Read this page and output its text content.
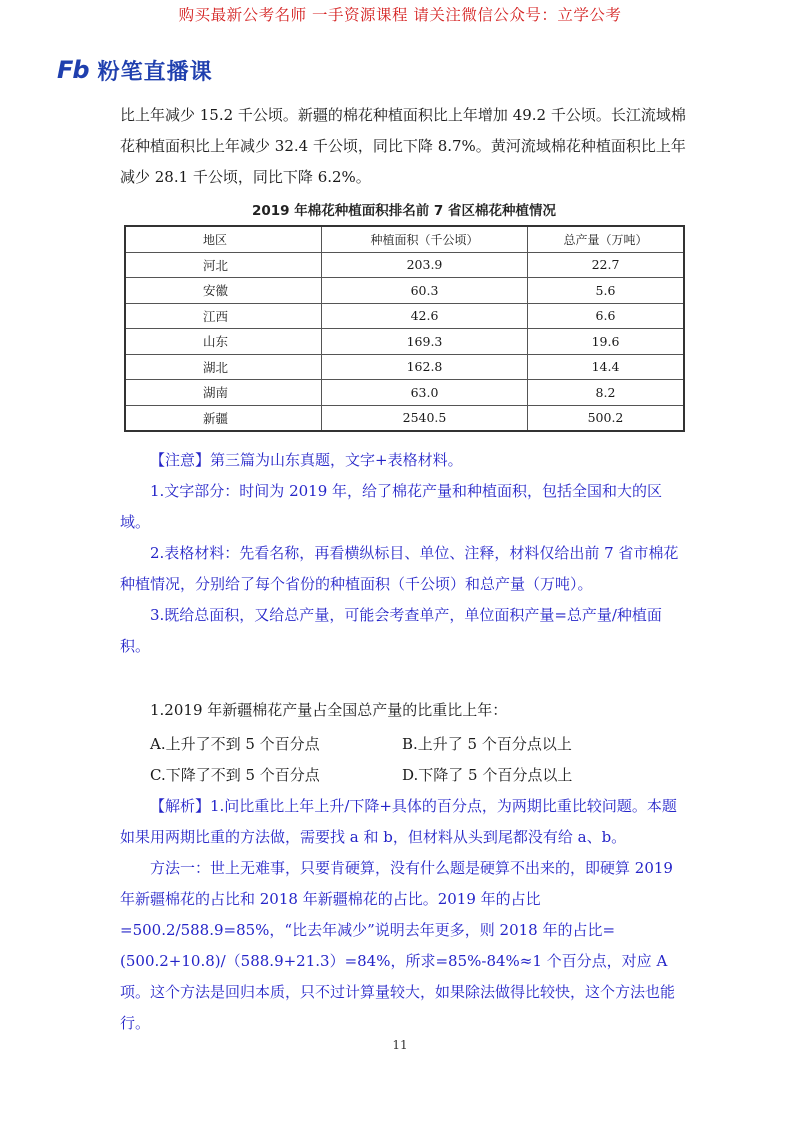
购买最新公考名师 一手资源课程 请关注微信公众号：立学公考
Fb 粉笔直播课

比上年减少 15.2 千公顷。新疆的棉花种植面积比上年增加 49.2 千公顷。长江流域棉花种植面积比上年减少 32.4 千公顷，同比下降 8.7%。黄河流域棉花种植面积比上年减少 28.1 千公顷，同比下降 6.2%。

2019 年棉花种植面积排名前 7 省区棉花种植情况
地区	种植面积（千公顷）	总产量（万吨）
河北	203.9	22.7
安徽	60.3	5.6
江西	42.6	6.6
山东	169.3	19.6
湖北	162.8	14.4
湖南	63.0	8.2
新疆	2540.5	500.2

【注意】第三篇为山东真题，文字+表格材料。

1.文字部分：时间为 2019 年，给了棉花产量和种植面积，包括全国和大的区域。

2.表格材料：先看名称，再看横纵标目、单位、注释，材料仅给出前 7 省市棉花种植情况，分别给了每个省份的种植面积（千公顷）和总产量（万吨）。

3.既给总面积，又给总产量，可能会考查单产，单位面积产量=总产量/种植面积。

1.2019 年新疆棉花产量占全国总产量的比重比上年：

A.上升了不到 5 个百分点	B.上升了 5 个百分点以上
C.下降了不到 5 个百分点	D.下降了 5 个百分点以上

【解析】1.问比重比上年上升/下降+具体的百分点，为两期比重比较问题。本题如果用两期比重的方法做，需要找 a 和 b，但材料从头到尾都没有给 a、b。

方法一：世上无难事，只要肯硬算，没有什么题是硬算不出来的，即硬算 2019 年新疆棉花的占比和 2018 年新疆棉花的占比。2019 年的占比=500.2/588.9=85%，“比去年减少”说明去年更多，则 2018 年的占比=(500.2+10.8)/（588.9+21.3）=84%，所求=85%-84%≈1 个百分点，对应 A 项。这个方法是回归本质，只不过计算量较大，如果除法做得比较快，这个方法也能行。

11
